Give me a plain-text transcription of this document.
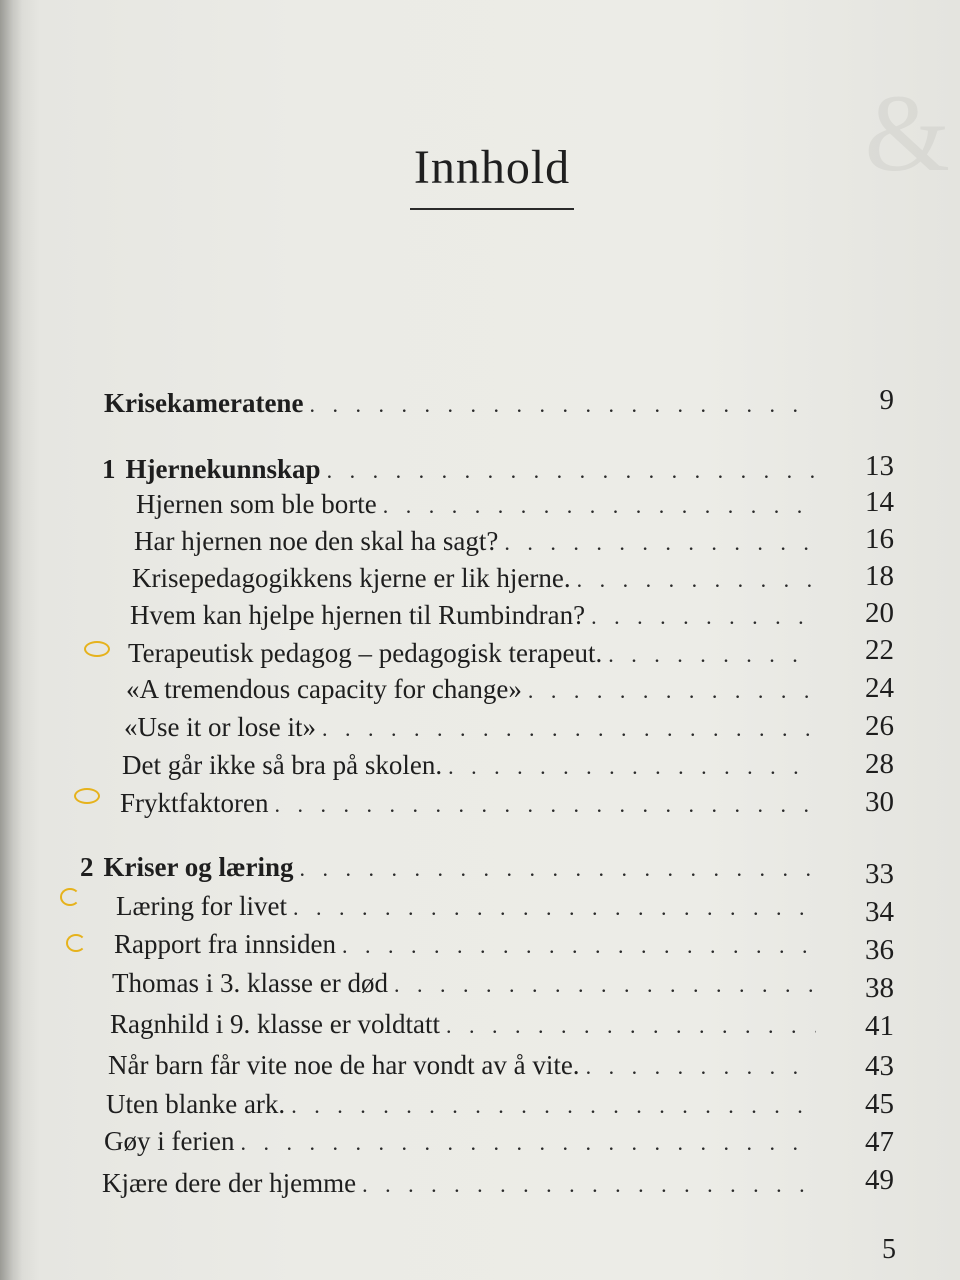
&
Innhold
Krisekameratene . . .	9
1 Hjernekunnskap . . .	13
Hjernen som ble borte . . .	14
Har hjernen noe den skal ha sagt? . . .	16
Krisepedagogikkens kjerne er lik hjerne. . . .	18
Hvem kan hjelpe hjernen til Rumbindran? . . .	20
Terapeutisk pedagog – pedagogisk terapeut. . . .	22
«A tremendous capacity for change» . . .	24
«Use it or lose it» . . .	26
Det går ikke så bra på skolen. . . .	28
Fryktfaktoren . . .	30
2 Kriser og læring . . .	33
Læring for livet . . .	34
Rapport fra innsiden . . .	36
Thomas i 3. klasse er død . . .	38
Ragnhild i 9. klasse er voldtatt . . .	41
Når barn får vite noe de har vondt av å vite. . . .	43
Uten blanke ark. . . .	45
Gøy i ferien . . .	47
Kjære dere der hjemme . . .	49
5
